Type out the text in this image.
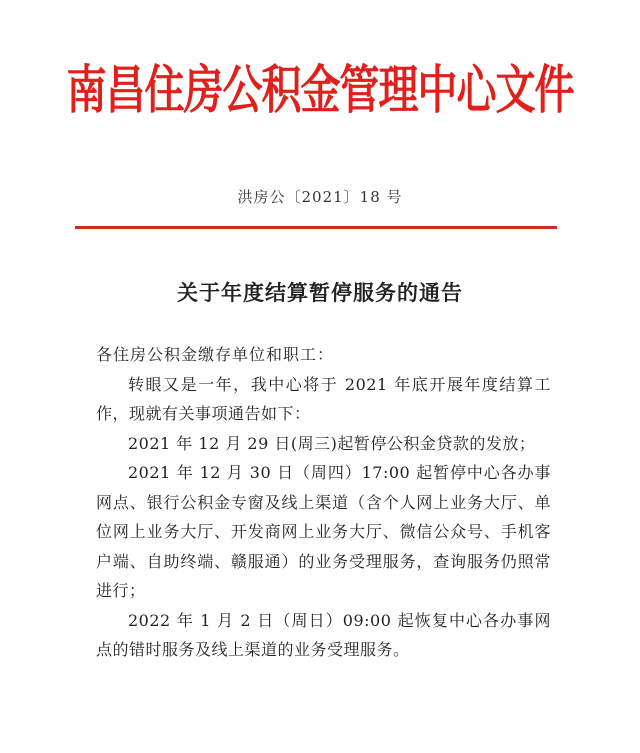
南昌住房公积金管理中心文件
洪房公〔2021〕18 号
关于年度结算暂停服务的通告

各住房公积金缴存单位和职工：

转眼又是一年，我中心将于 2021 年底开展年度结算工作，现就有关事项通告如下：

2021 年 12 月 29 日(周三)起暂停公积金贷款的发放；

2021 年 12 月 30 日（周四）17:00 起暂停中心各办事网点、银行公积金专窗及线上渠道（含个人网上业务大厅、单位网上业务大厅、开发商网上业务大厅、微信公众号、手机客户端、自助终端、赣服通）的业务受理服务，查询服务仍照常进行；

2022 年 1 月 2 日（周日）09:00 起恢复中心各办事网点的错时服务及线上渠道的业务受理服务。
